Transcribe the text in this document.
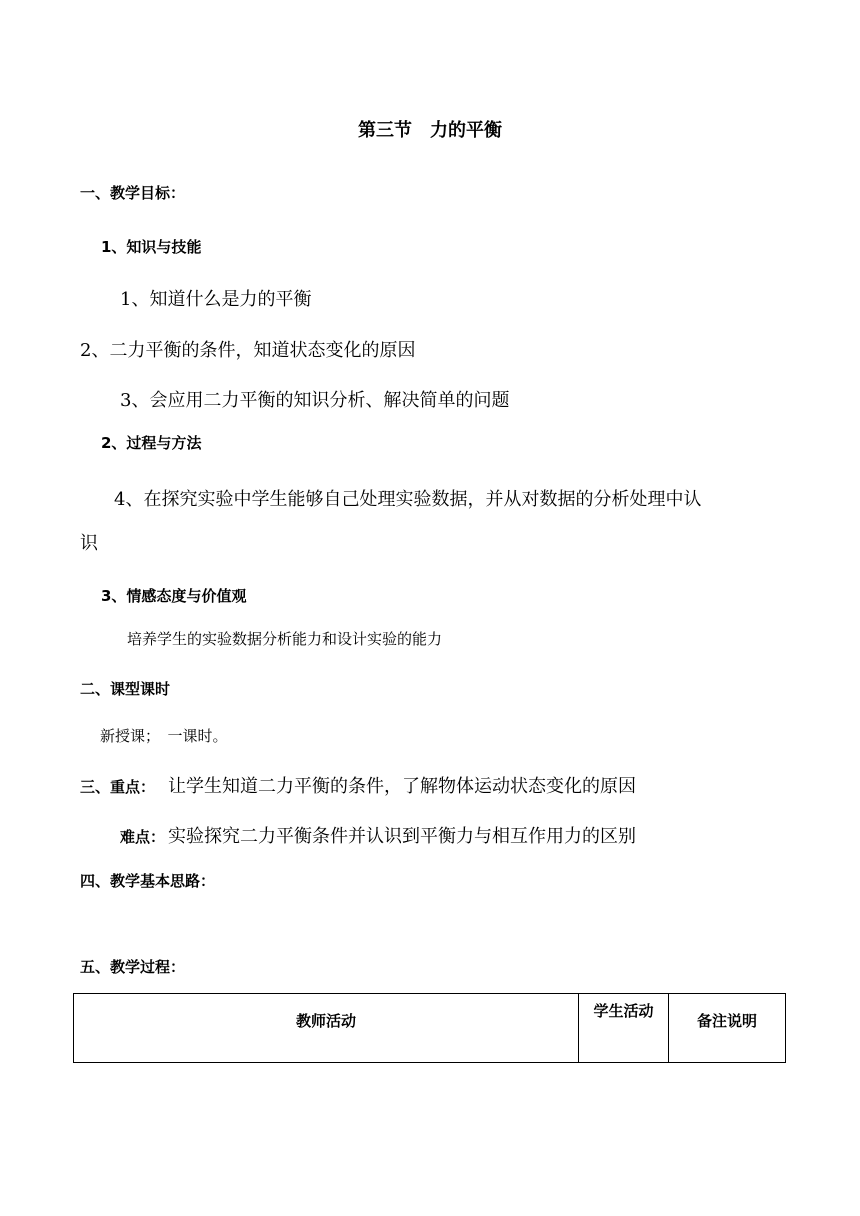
第三节　力的平衡

一、教学目标：

1、知识与技能

1、知道什么是力的平衡

2、二力平衡的条件，知道状态变化的原因

3、会应用二力平衡的知识分析、解决简单的问题

2、过程与方法

4、在探究实验中学生能够自己处理实验数据，并从对数据的分析处理中认

识

3、情感态度与价值观

培养学生的实验数据分析能力和设计实验的能力

二、课型课时

新授课；　一课时。

三、重点： 让学生知道二力平衡的条件，了解物体运动状态变化的原因

难点： 实验探究二力平衡条件并认识到平衡力与相互作用力的区别

四、教学基本思路：

五、教学过程：

教师活动	学生活动	备注说明
